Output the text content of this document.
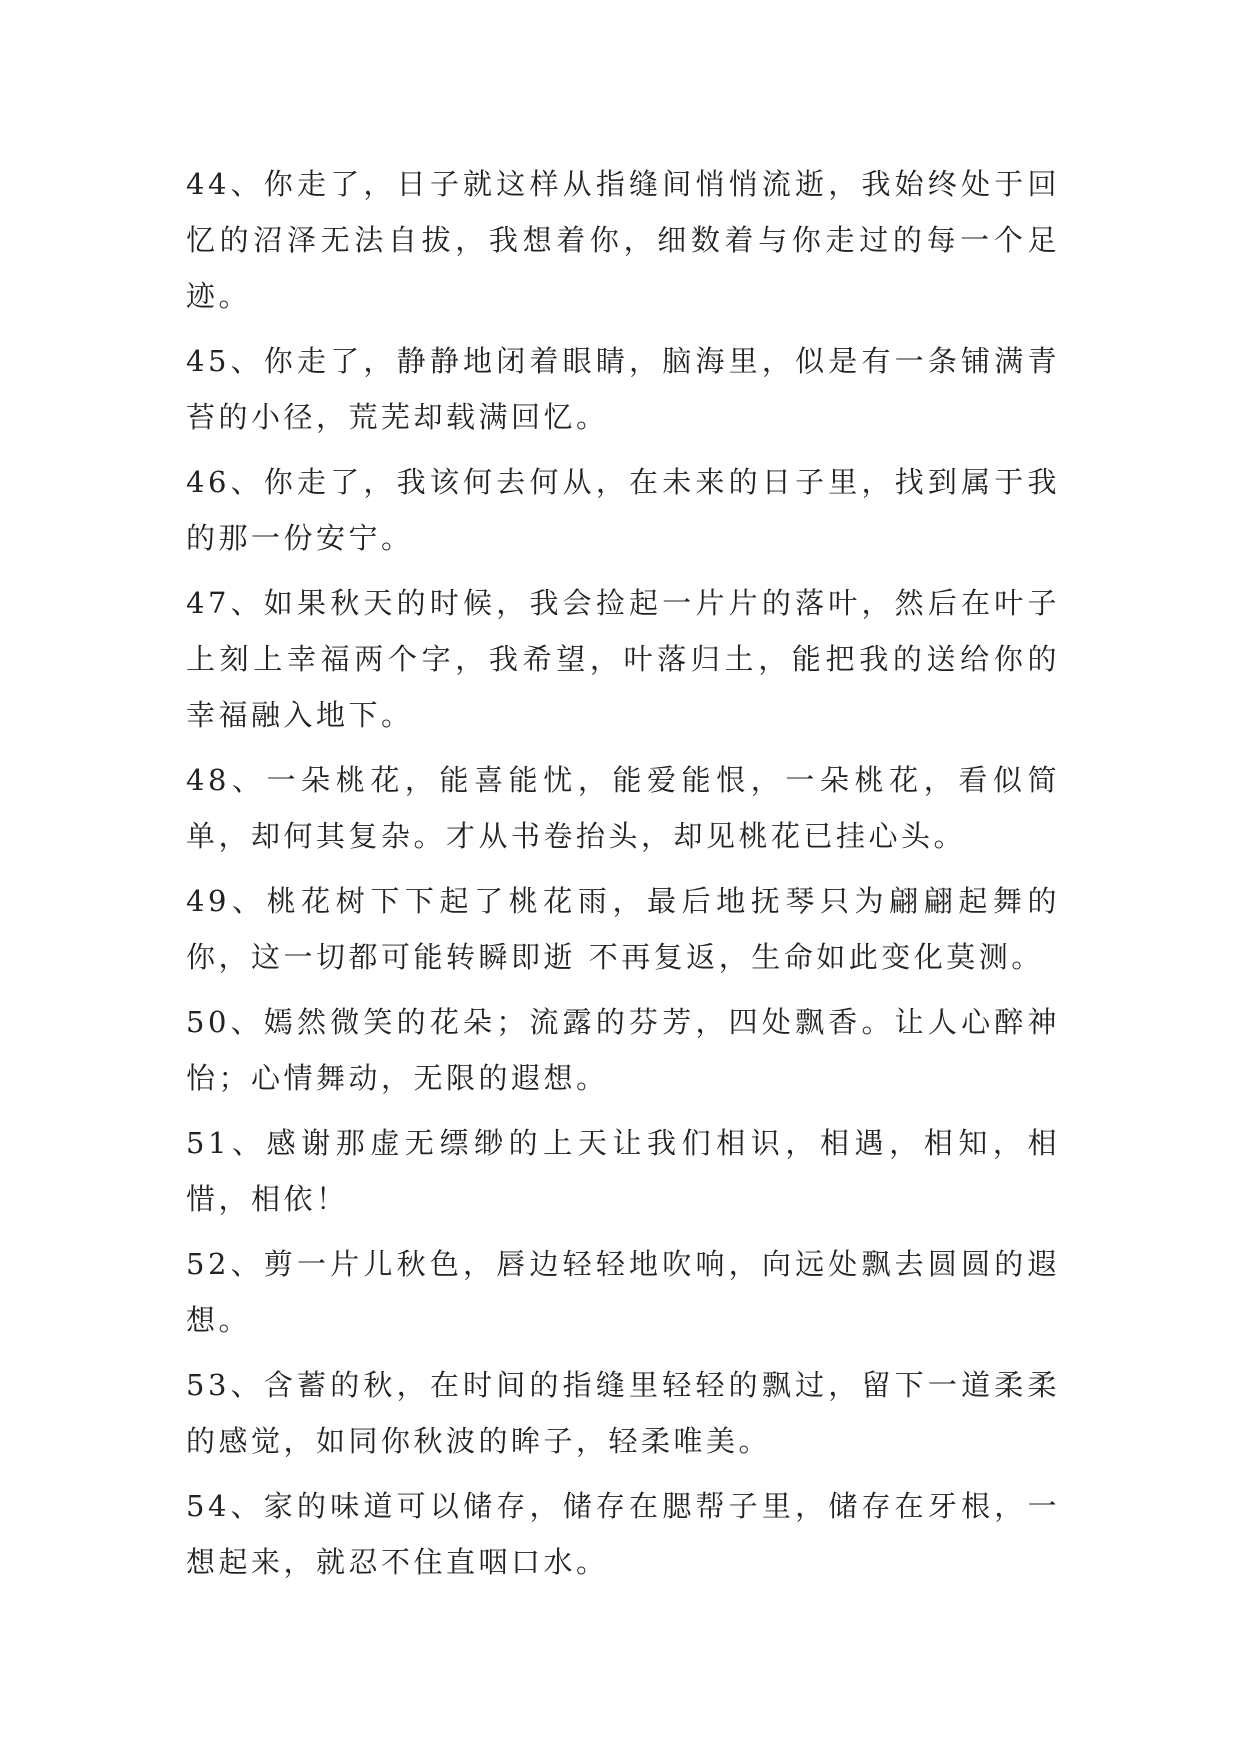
44、你走了，日子就这样从指缝间悄悄流逝，我始终处于回忆的沼泽无法自拔，我想着你，细数着与你走过的每一个足迹。

45、你走了，静静地闭着眼睛，脑海里，似是有一条铺满青苔的小径，荒芜却载满回忆。

46、你走了，我该何去何从，在未来的日子里，找到属于我的那一份安宁。

47、如果秋天的时候，我会捡起一片片的落叶，然后在叶子上刻上幸福两个字，我希望，叶落归土，能把我的送给你的幸福融入地下。

48、一朵桃花，能喜能忧，能爱能恨，一朵桃花，看似简单，却何其复杂。才从书卷抬头，却见桃花已挂心头。

49、桃花树下下起了桃花雨，最后地抚琴只为翩翩起舞的你，这一切都可能转瞬即逝 不再复返，生命如此变化莫测。

50、嫣然微笑的花朵；流露的芬芳，四处飘香。让人心醉神怡；心情舞动，无限的遐想。

51、感谢那虚无缥缈的上天让我们相识，相遇，相知，相惜，相依！

52、剪一片儿秋色，唇边轻轻地吹响，向远处飘去圆圆的遐想。

53、含蓄的秋，在时间的指缝里轻轻的飘过，留下一道柔柔的感觉，如同你秋波的眸子，轻柔唯美。

54、家的味道可以储存，储存在腮帮子里，储存在牙根，一想起来，就忍不住直咽口水。
